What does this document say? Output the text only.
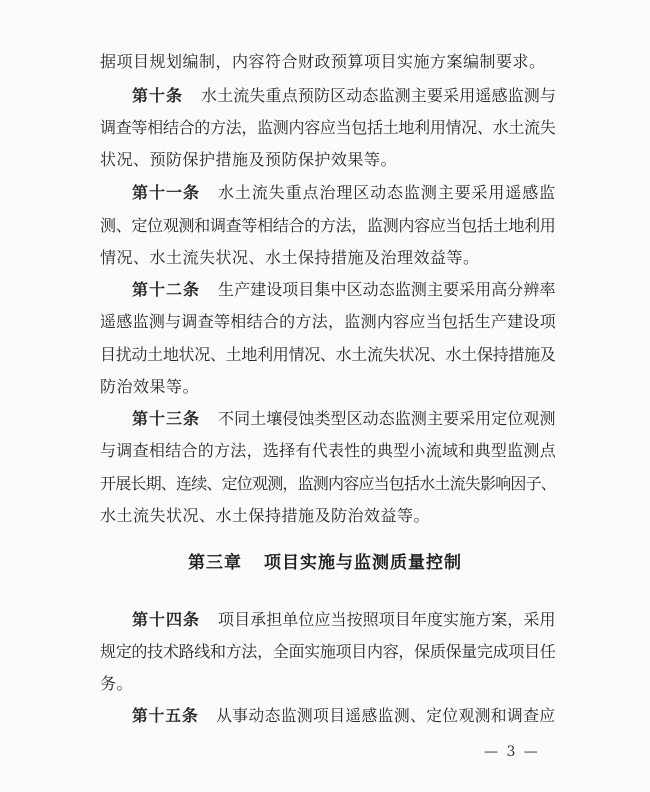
据项目规划编制，内容符合财政预算项目实施方案编制要求。
第十条 水土流失重点预防区动态监测主要采用遥感监测与
调查等相结合的方法，监测内容应当包括土地利用情况、水土流失
状况、预防保护措施及预防保护效果等。
第十一条 水土流失重点治理区动态监测主要采用遥感监
测、定位观测和调查等相结合的方法，监测内容应当包括土地利用
情况、水土流失状况、水土保持措施及治理效益等。
第十二条 生产建设项目集中区动态监测主要采用高分辨率
遥感监测与调查等相结合的方法，监测内容应当包括生产建设项
目扰动土地状况、土地利用情况、水土流失状况、水土保持措施及
防治效果等。
第十三条 不同土壤侵蚀类型区动态监测主要采用定位观测
与调查相结合的方法，选择有代表性的典型小流域和典型监测点
开展长期、连续、定位观测，监测内容应当包括水土流失影响因子、
水土流失状况、水土保持措施及防治效益等。
第十四条 项目承担单位应当按照项目年度实施方案，采用
规定的技术路线和方法，全面实施项目内容，保质保量完成项目任
务。
第十五条 从事动态监测项目遥感监测、定位观测和调查应
第三章 项目实施与监测质量控制
— 3 —
